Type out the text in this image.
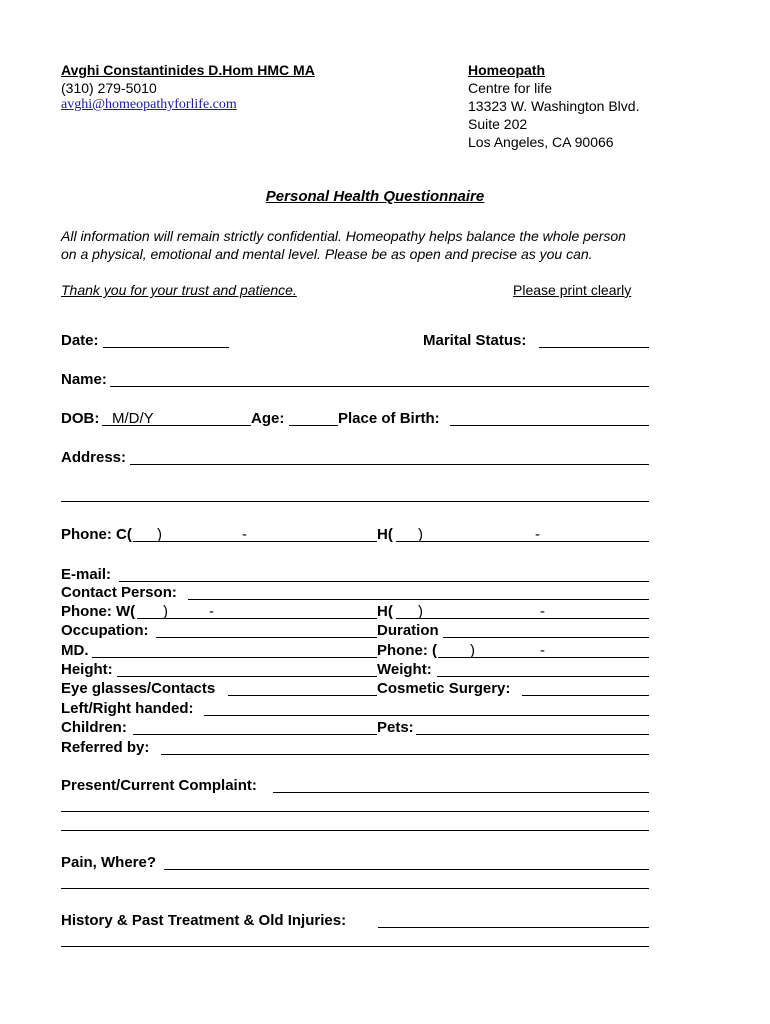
Avghi Constantinides D.Hom HMC MA
(310) 279-5010
avghi@homeopathyforlife.com
Homeopath
Centre for life
13323 W. Washington Blvd.
Suite 202
Los Angeles, CA 90066
Personal Health Questionnaire
All information will remain strictly confidential. Homeopathy helps balance the whole person
on a physical, emotional and mental level. Please be as open and precise as you can.
Thank you for your trust and patience.	Please print clearly
Date:	Marital Status:
Name:
DOB: M/D/Y	Age:	Place of Birth:
Address:
Phone: C( )	-	H( )	-
E-mail:
Contact Person:
Phone: W( )	-	H( )	-
Occupation:	Duration
MD.	Phone: ( )	-
Height:	Weight:
Eye glasses/Contacts	Cosmetic Surgery:
Left/Right handed:
Children:	Pets:
Referred by:
Present/Current Complaint:
Pain, Where?
History & Past Treatment & Old Injuries:
